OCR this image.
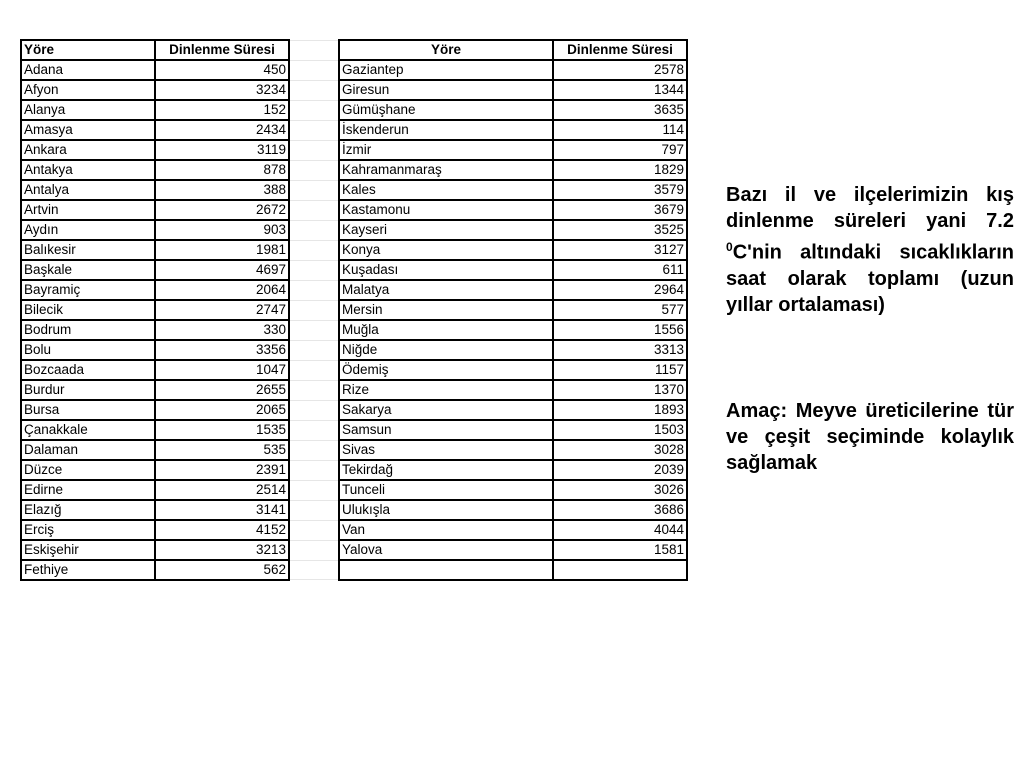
Yöre	Dinlenme Süresi
Adana	450
Afyon	3234
Alanya	152
Amasya	2434
Ankara	3119
Antakya	878
Antalya	388
Artvin	2672
Aydın	903
Balıkesir	1981
Başkale	4697
Bayramiç	2064
Bilecik	2747
Bodrum	330
Bolu	3356
Bozcaada	1047
Burdur	2655
Bursa	2065
Çanakkale	1535
Dalaman	535
Düzce	2391
Edirne	2514
Elazığ	3141
Erciş	4152
Eskişehir	3213
Fethiye	562
	Yöre	Dinlenme Süresi
	Gaziantep	2578
	Giresun	1344
	Gümüşhane	3635
	İskenderun	114
	İzmir	797
	Kahramanmaraş	1829
	Kales	3579
	Kastamonu	3679
	Kayseri	3525
	Konya	3127
	Kuşadası	611
	Malatya	2964
	Mersin	577
	Muğla	1556
	Niğde	3313
	Ödemiş	1157
	Rize	1370
	Sakarya	1893
	Samsun	1503
	Sivas	3028
	Tekirdağ	2039
	Tunceli	3026
	Ulukışla	3686
	Van	4044
	Yalova	1581

Bazı il ve ilçelerimizin kış dinlenme süreleri yani 7.2 $^0$C'nin altındaki sıcaklıkların saat olarak toplamı (uzun yıllar ortalaması)
Amaç: Meyve üreticilerine tür ve çeşit seçiminde kolaylık sağlamak
